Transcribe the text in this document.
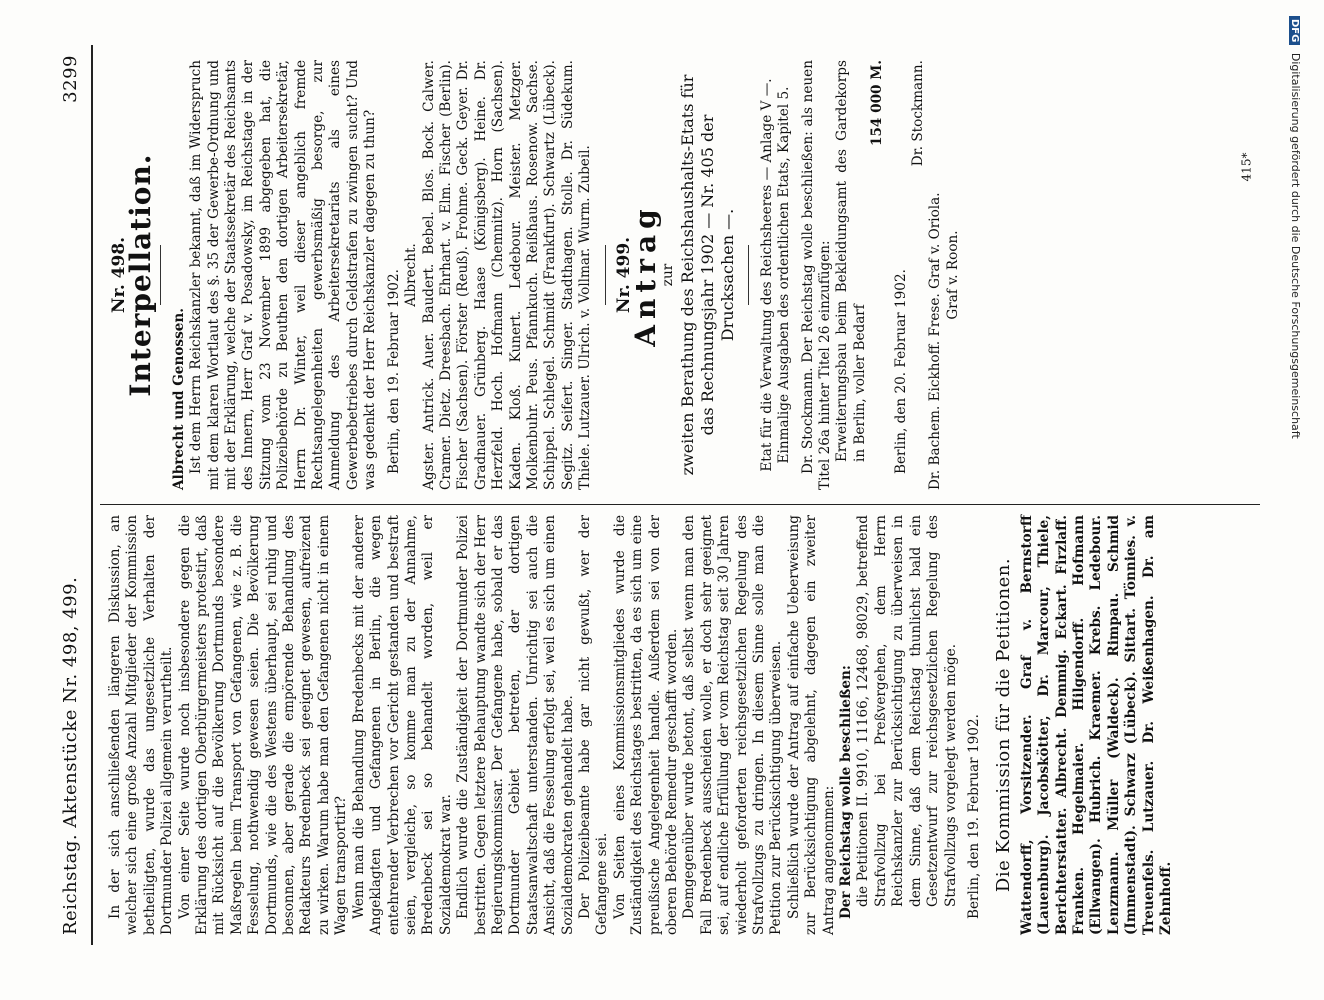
Reichstag. Aktenstücke Nr. 498, 499.
3299

In der sich anschließenden längeren Diskussion, an welcher sich eine große Anzahl Mitglieder der Kommission betheiligten, wurde das ungesetzliche Verhalten der Dortmunder Polizei allgemein verurtheilt. Von einer Seite wurde noch insbesondere gegen die Erklärung des dortigen Oberbürgermeisters protestirt, daß mit Rücksicht auf die Bevölkerung Dortmunds besondere Maßregeln beim Transport von Gefangenen, wie z. B. die Fesselung, nothwendig gewesen seien. Die Bevölkerung Dortmunds, wie die des Westens überhaupt, sei ruhig und besonnen, aber gerade die empörende Behandlung des Redakteurs Bredenbeck sei geeignet gewesen, aufreizend zu wirken. Warum habe man den Gefangenen nicht in einem Wagen transportirt? Wenn man die Behandlung Bredenbecks mit der anderer Angeklagten und Gefangenen in Berlin, die wegen entehrender Verbrechen vor Gericht gestanden und bestraft seien, vergleiche, so komme man zu der Annahme, Bredenbeck sei so behandelt worden, weil er Sozialdemokrat war. Endlich wurde die Zuständigkeit der Dortmunder Polizei bestritten. Gegen letztere Behauptung wandte sich der Herr Regierungskommissar. Der Gefangene habe, sobald er das Dortmunder Gebiet betreten, der dortigen Staatsanwaltschaft unterstanden. Unrichtig sei auch die Ansicht, daß die Fesselung erfolgt sei, weil es sich um einen Sozialdemokraten gehandelt habe. Der Polizeibeamte habe gar nicht gewußt, wer der Gefangene sei. Von Seiten eines Kommissionsmitgliedes wurde die Zuständigkeit des Reichstages bestritten, da es sich um eine preußische Angelegenheit handle. Außerdem sei von der oberen Behörde Remedur geschafft worden. Demgegenüber wurde betont, daß selbst wenn man den Fall Bredenbeck ausscheiden wolle, er doch sehr geeignet sei, auf endliche Erfüllung der vom Reichstag seit 30 Jahren wiederholt geforderten reichsgesetzlichen Regelung des Strafvollzugs zu dringen. In diesem Sinne solle man die Petition zur Berücksichtigung überweisen. Schließlich wurde der Antrag auf einfache Ueberweisung zur Berücksichtigung abgelehnt, dagegen ein zweiter Antrag angenommen: Der Reichstag wolle beschließen: die Petitionen II. 9910, 11166, 12468, 98029, betreffend Strafvollzug bei Preßvergehen, dem Herrn Reichskanzler zur Berücksichtigung zu überweisen in dem Sinne, daß dem Reichstag thunlichst bald ein Gesetzentwurf zur reichsgesetzlichen Regelung des Strafvollzugs vorgelegt werden möge. Berlin, den 19. Februar 1902. Die Kommission für die Petitionen. Wattendorff, Vorsitzender. Graf v. Bernstorff (Lauenburg). Jacobskötter, Dr. Marcour, Thiele, Berichterstatter. Albrecht. Demmig. Eckart. Firzlaff. Franken. Hegelmaier. Hilgendorff. Hofmann (Ellwangen). Hubrich. Kraemer. Krebs. Ledebour. Lenzmann. Müller (Waldeck). Rimpau. Schmid (Immenstadt). Schwarz (Lübeck). Sittart. Tönnies. v. Treuenfels. Lutzauer. Dr. Weißenhagen. Dr. am Zehnhoff.

Nr. 498.
Interpellation.

Albrecht und Genossen. Ist dem Herrn Reichskanzler bekannt, daß im Widerspruch mit dem klaren Wortlaut des §. 35 der Gewerbe-Ordnung und mit der Erklärung, welche der Staatssekretär des Reichsamts des Innern, Herr Graf v. Posadowsky, im Reichstage in der Sitzung vom 23 November 1899 abgegeben hat, die Polizeibehörde zu Beuthen den dortigen Arbeitersekretär, Herrn Dr. Winter, weil dieser angeblich fremde Rechtsangelegenheiten gewerbsmäßig besorge, zur Anmeldung des Arbeitersekretariats als eines Gewerbebetriebes durch Geldstrafen zu zwingen sucht? Und was gedenkt der Herr Reichskanzler dagegen zu thun? Berlin, den 19. Februar 1902. Albrecht. Agster. Antrick. Auer. Baudert. Bebel. Blos. Bock. Calwer. Cramer. Dietz. Dreesbach. Ehrhart. v. Elm. Fischer (Berlin). Fischer (Sachsen). Förster (Reuß). Frohme. Geck. Geyer. Dr. Gradnauer. Grünberg. Haase (Königsberg). Heine. Dr. Herzfeld. Hoch. Hofmann (Chemnitz). Horn (Sachsen). Kaden. Kloß. Kunert. Ledebour. Meister. Metzger. Molkenbuhr. Peus. Pfannkuch. Reißhaus. Rosenow. Sachse. Schippel. Schlegel. Schmidt (Frankfurt). Schwartz (Lübeck). Segitz. Seifert. Singer. Stadthagen. Stolle. Dr. Südekum. Thiele. Lutzauer. Ulrich. v. Vollmar. Wurm. Zubeil. Nr. 499.
Antrag

zur zweiten Berathung des Reichshaushalts-Etats für das Rechnungsjahr 1902 — Nr. 405 der Drucksachen —. Etat für die Verwaltung des Reichsheeres — Anlage V —. Einmalige Ausgaben des ordentlichen Etats, Kapitel 5. Dr. Stockmann. Der Reichstag wolle beschließen: als neuen Titel 26a hinter Titel 26 einzufügen: Erweiterungsbau beim Bekleidungsamt des Gardekorps in Berlin, voller Bedarf

154 000 M.

Berlin, den 20. Februar 1902.

Dr. Stockmann.

Dr. Bachem. Eickhoff. Frese. Graf v. Oriola. Graf v. Roon.

415*
DFG Digitalisierung gefördert durch die Deutsche Forschungsgemeinschaft
